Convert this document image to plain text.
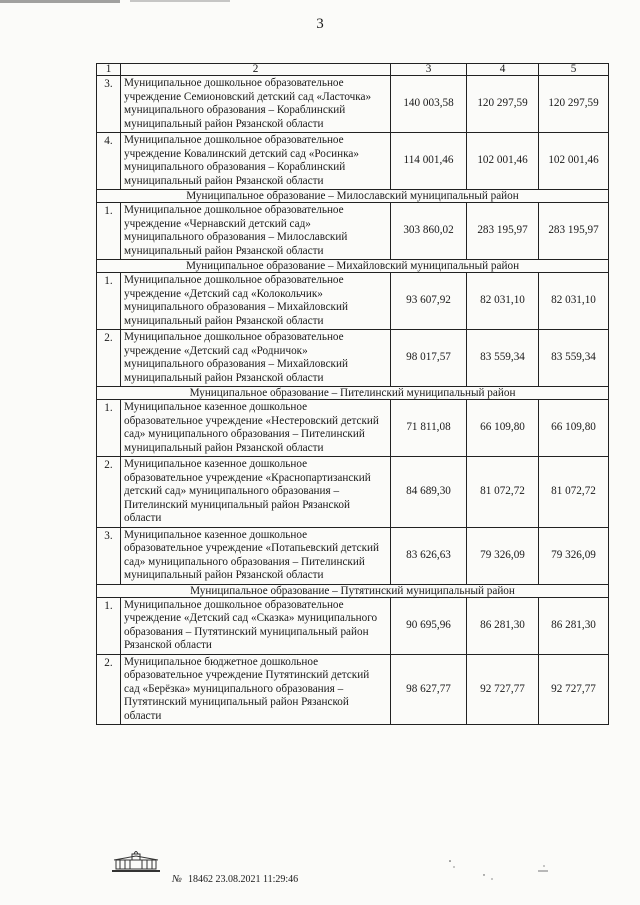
3
1	2	3	4	5
3.	Муниципальное дошкольное образовательное учреждение Семионовский детский сад «Ласточка» муниципального образования – Кораблинский муниципальный район Рязанской области	140 003,58	120 297,59	120 297,59
4.	Муниципальное дошкольное образовательное учреждение Ковалинский детский сад «Росинка» муниципального образования – Кораблинский муниципальный район Рязанской области	114 001,46	102 001,46	102 001,46
Муниципальное образование – Милославский муниципальный район				
1.	Муниципальное дошкольное образовательное учреждение «Чернавский детский сад» муниципального образования – Милославский муниципальный район Рязанской области	303 860,02	283 195,97	283 195,97
Муниципальное образование – Михайловский муниципальный район				
1.	Муниципальное дошкольное образовательное учреждение «Детский сад «Колокольчик» муниципального образования – Михайловский муниципальный район Рязанской области	93 607,92	82 031,10	82 031,10
2.	Муниципальное дошкольное образовательное учреждение «Детский сад «Родничок» муниципального образования – Михайловский муниципальный район Рязанской области	98 017,57	83 559,34	83 559,34
Муниципальное образование – Пителинский муниципальный район				
1.	Муниципальное казенное дошкольное образовательное учреждение «Нестеровский детский сад» муниципального образования – Пителинский муниципальный район Рязанской области	71 811,08	66 109,80	66 109,80
2.	Муниципальное казенное дошкольное образовательное учреждение «Краснопартизанский детский сад» муниципального образования – Пителинский муниципальный район Рязанской области	84 689,30	81 072,72	81 072,72
3.	Муниципальное казенное дошкольное образовательное учреждение «Потапьевский детский сад» муниципального образования – Пителинский муниципальный район Рязанской области	83 626,63	79 326,09	79 326,09
Муниципальное образование – Путятинский муниципальный район				
1.	Муниципальное дошкольное образовательное учреждение «Детский сад «Сказка» муниципального образования – Путятинский муниципальный район Рязанской области	90 695,96	86 281,30	86 281,30
2.	Муниципальное бюджетное дошкольное образовательное учреждение Путятинский детский сад «Берёзка» муниципального образования – Путятинский муниципальный район Рязанской области	98 627,77	92 727,77	92 727,77
№ 18462 23.08.2021 11:29:46
